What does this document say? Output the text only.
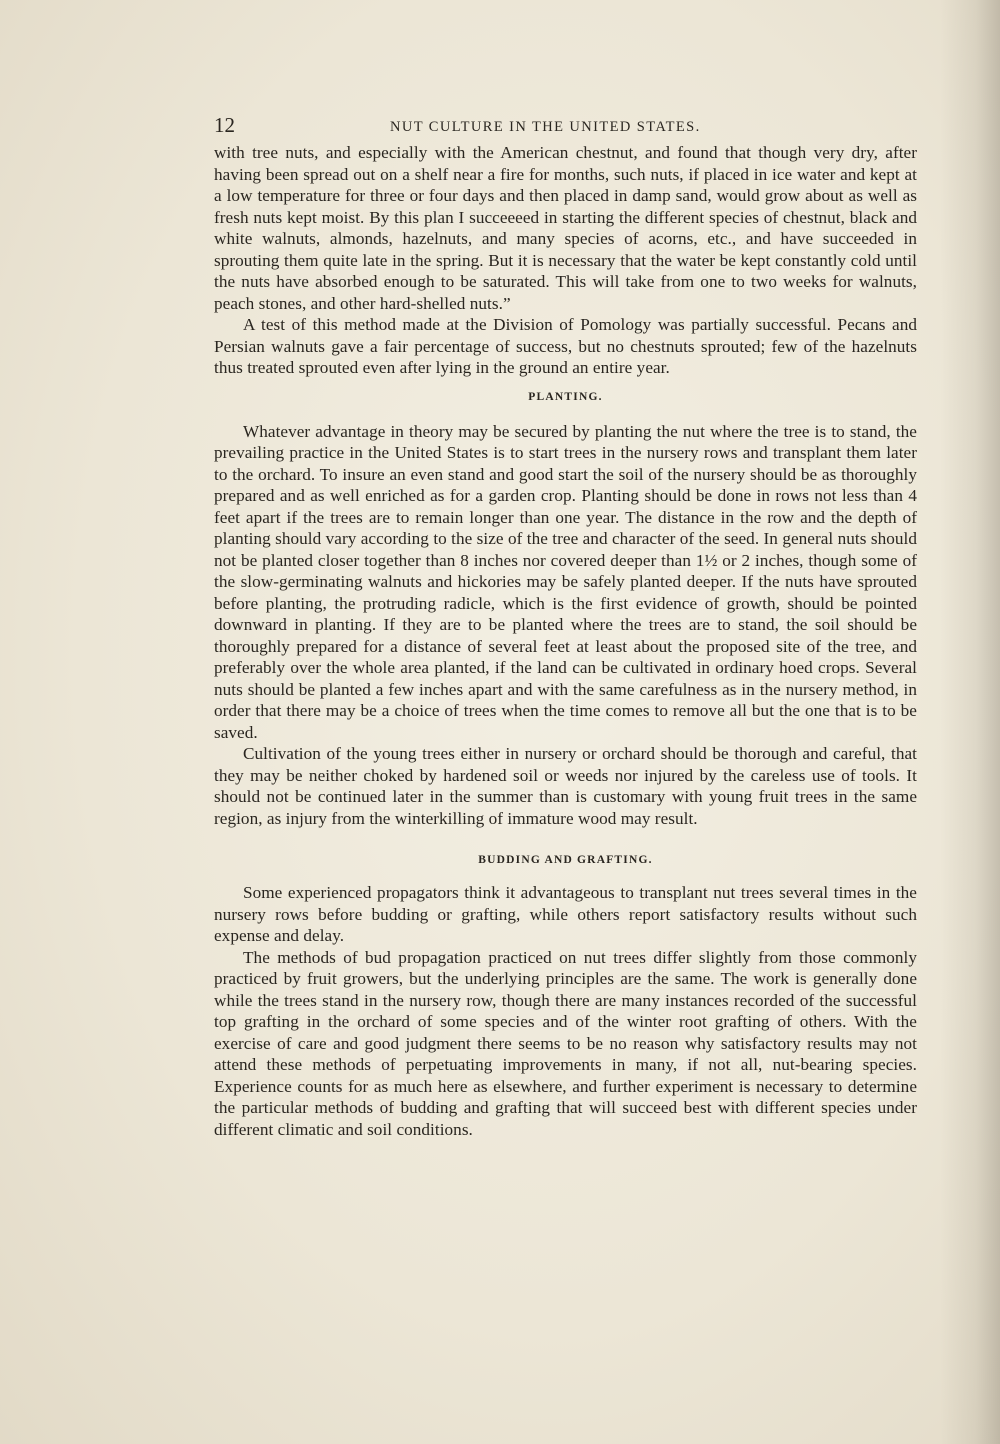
12	NUT CULTURE IN THE UNITED STATES.

with tree nuts, and especially with the American chestnut, and found that though very dry, after having been spread out on a shelf near a fire for months, such nuts, if placed in ice water and kept at a low temperature for three or four days and then placed in damp sand, would grow about as well as fresh nuts kept moist. By this plan I succeeeed in starting the different species of chestnut, black and white walnuts, almonds, hazelnuts, and many species of acorns, etc., and have succeeded in sprouting them quite late in the spring. But it is necessary that the water be kept constantly cold until the nuts have absorbed enough to be saturated. This will take from one to two weeks for walnuts, peach stones, and other hard-shelled nuts.”

A test of this method made at the Division of Pomology was partially successful. Pecans and Persian walnuts gave a fair percentage of success, but no chestnuts sprouted; few of the hazelnuts thus treated sprouted even after lying in the ground an entire year.

PLANTING.

Whatever advantage in theory may be secured by planting the nut where the tree is to stand, the prevailing practice in the United States is to start trees in the nursery rows and transplant them later to the orchard. To insure an even stand and good start the soil of the nursery should be as thoroughly prepared and as well enriched as for a garden crop. Planting should be done in rows not less than 4 feet apart if the trees are to remain longer than one year. The distance in the row and the depth of planting should vary according to the size of the tree and character of the seed. In general nuts should not be planted closer together than 8 inches nor covered deeper than 1½ or 2 inches, though some of the slow-germinating walnuts and hickories may be safely planted deeper. If the nuts have sprouted before planting, the protruding radicle, which is the first evidence of growth, should be pointed downward in planting. If they are to be planted where the trees are to stand, the soil should be thoroughly prepared for a distance of several feet at least about the proposed site of the tree, and preferably over the whole area planted, if the land can be cultivated in ordinary hoed crops. Several nuts should be planted a few inches apart and with the same carefulness as in the nursery method, in order that there may be a choice of trees when the time comes to remove all but the one that is to be saved.

Cultivation of the young trees either in nursery or orchard should be thorough and careful, that they may be neither choked by hardened soil or weeds nor injured by the careless use of tools. It should not be continued later in the summer than is customary with young fruit trees in the same region, as injury from the winterkilling of immature wood may result.

BUDDING AND GRAFTING.

Some experienced propagators think it advantageous to transplant nut trees several times in the nursery rows before budding or grafting, while others report satisfactory results without such expense and delay.

The methods of bud propagation practiced on nut trees differ slightly from those commonly practiced by fruit growers, but the underlying principles are the same. The work is generally done while the trees stand in the nursery row, though there are many instances recorded of the successful top grafting in the orchard of some species and of the winter root grafting of others. With the exercise of care and good judgment there seems to be no reason why satisfactory results may not attend these methods of perpetuating improvements in many, if not all, nut-bearing species. Experience counts for as much here as elsewhere, and further experiment is necessary to determine the particular methods of budding and grafting that will succeed best with different species under different climatic and soil conditions.
